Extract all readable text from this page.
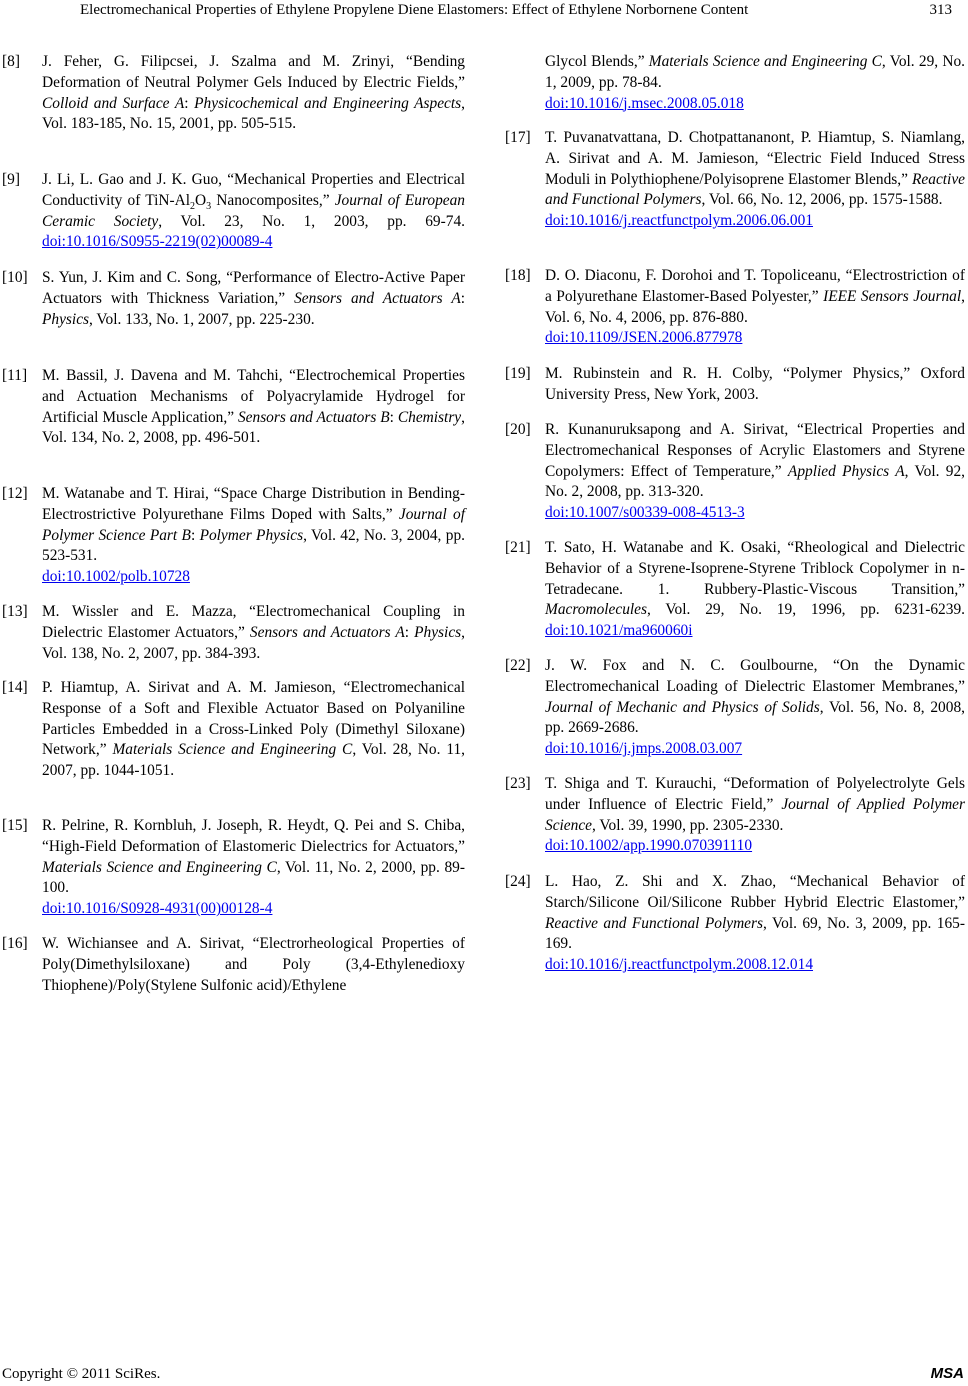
Electromechanical Properties of Ethylene Propylene Diene Elastomers: Effect of Ethylene Norbornene Content	313
[8]	J. Feher, G. Filipcsei, J. Szalma and M. Zrinyi, “Bending Deformation of Neutral Polymer Gels Induced by Electric Fields,” Colloid and Surface A: Physicochemical and Engineering Aspects, Vol. 183-185, No. 15, 2001, pp. 505-515.
[9]	J. Li, L. Gao and J. K. Guo, “Mechanical Properties and Electrical Conductivity of TiN-$Al_2O_3$ Nanocomposites,” Journal of European Ceramic Society, Vol. 23, No. 1, 2003, pp. 69-74. doi:10.1016/S0955-2219(02)00089-4
[10] S. Yun, J. Kim and C. Song, “Performance of Electro-Active Paper Actuators with Thickness Variation,” Sensors and Actuators A: Physics, Vol. 133, No. 1, 2007, pp. 225-230.
[11] M. Bassil, J. Davena and M. Tahchi, “Electrochemical Properties and Actuation Mechanisms of Polyacrylamide Hydrogel for Artificial Muscle Application,” Sensors and Actuators B: Chemistry, Vol. 134, No. 2, 2008, pp. 496-501.
[12] M. Watanabe and T. Hirai, “Space Charge Distribution in Bending-Electrostrictive Polyurethane Films Doped with Salts,” Journal of Polymer Science Part B: Polymer Physics, Vol. 42, No. 3, 2004, pp. 523-531.
doi:10.1002/polb.10728
[13] M. Wissler and E. Mazza, “Electromechanical Coupling in Dielectric Elastomer Actuators,” Sensors and Actuators A: Physics, Vol. 138, No. 2, 2007, pp. 384-393.
[14] P. Hiamtup, A. Sirivat and A. M. Jamieson, “Electromechanical Response of a Soft and Flexible Actuator Based on Polyaniline Particles Embedded in a Cross-Linked Poly (Dimethyl Siloxane) Network,” Materials Science and Engineering C, Vol. 28, No. 11, 2007, pp. 1044-1051.
[15] R. Pelrine, R. Kornbluh, J. Joseph, R. Heydt, Q. Pei and S. Chiba, “High-Field Deformation of Elastomeric Dielectrics for Actuators,” Materials Science and Engineering C, Vol. 11, No. 2, 2000, pp. 89-100.
doi:10.1016/S0928-4931(00)00128-4
[16] W. Wichiansee and A. Sirivat, “Electrorheological Properties of Poly(Dimethylsiloxane) and Poly (3,4-Ethylenedioxy Thiophene)/Poly(Stylene Sulfonic acid)/Ethylene
Glycol Blends,” Materials Science and Engineering C, Vol. 29, No. 1, 2009, pp. 78-84.
doi:10.1016/j.msec.2008.05.018
[17] T. Puvanatvattana, D. Chotpattananont, P. Hiamtup, S. Niamlang, A. Sirivat and A. M. Jamieson, “Electric Field Induced Stress Moduli in Polythiophene/Polyisoprene Elastomer Blends,” Reactive and Functional Polymers, Vol. 66, No. 12, 2006, pp. 1575-1588.
doi:10.1016/j.reactfunctpolym.2006.06.001
[18] D. O. Diaconu, F. Dorohoi and T. Topoliceanu, “Electrostriction of a Polyurethane Elastomer-Based Polyester,” IEEE Sensors Journal, Vol. 6, No. 4, 2006, pp. 876-880.
doi:10.1109/JSEN.2006.877978
[19] M. Rubinstein and R. H. Colby, “Polymer Physics,” Oxford University Press, New York, 2003.
[20] R. Kunanuruksapong and A. Sirivat, “Electrical Properties and Electromechanical Responses of Acrylic Elastomers and Styrene Copolymers: Effect of Temperature,” Applied Physics A, Vol. 92, No. 2, 2008, pp. 313-320.
doi:10.1007/s00339-008-4513-3
[21] T. Sato, H. Watanabe and K. Osaki, “Rheological and Dielectric Behavior of a Styrene-Isoprene-Styrene Triblock Copolymer in n-Tetradecane. 1. Rubbery-Plastic-Viscous Transition,” Macromolecules, Vol. 29, No. 19, 1996, pp. 6231-6239. doi:10.1021/ma960060i
[22] J. W. Fox and N. C. Goulbourne, “On the Dynamic Electromechanical Loading of Dielectric Elastomer Membranes,” Journal of Mechanic and Physics of Solids, Vol. 56, No. 8, 2008, pp. 2669-2686.
doi:10.1016/j.jmps.2008.03.007
[23] T. Shiga and T. Kurauchi, “Deformation of Polyelectrolyte Gels under Influence of Electric Field,” Journal of Applied Polymer Science, Vol. 39, 1990, pp. 2305-2330.
doi:10.1002/app.1990.070391110
[24] L. Hao, Z. Shi and X. Zhao, “Mechanical Behavior of Starch/Silicone Oil/Silicone Rubber Hybrid Electric Elastomer,” Reactive and Functional Polymers, Vol. 69, No. 3, 2009, pp. 165-169.
doi:10.1016/j.reactfunctpolym.2008.12.014
Copyright © 2011 SciRes.	MSA
